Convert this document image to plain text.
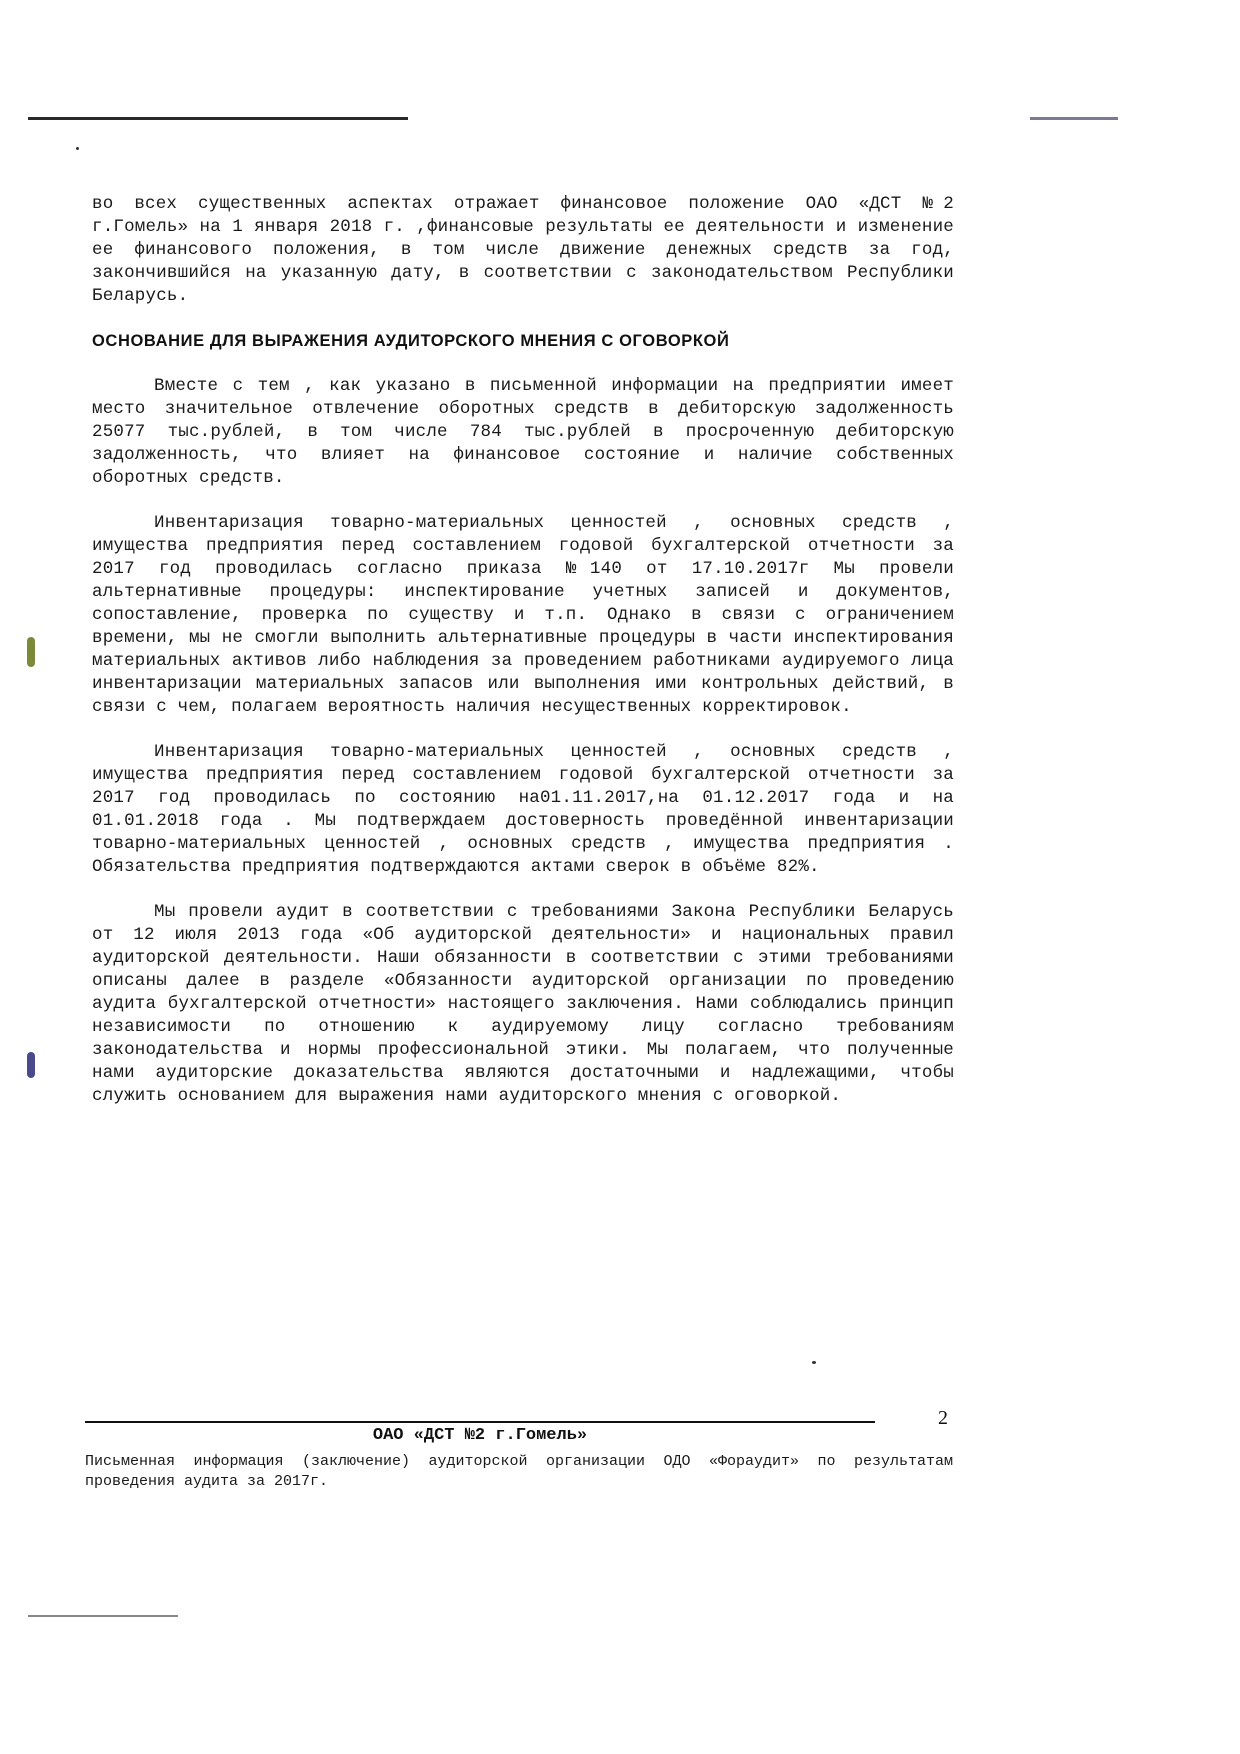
во всех существенных аспектах отражает финансовое положение ОАО «ДСТ №2 г.Гомель» на 1 января 2018 г. ,финансовые результаты ее деятельности и изменение ее финансового положения, в том числе движение денежных средств за год, закончившийся на указанную дату, в соответствии с законодательством Республики Беларусь.

ОСНОВАНИЕ ДЛЯ ВЫРАЖЕНИЯ АУДИТОРСКОГО МНЕНИЯ С ОГОВОРКОЙ

Вместе с тем , как указано в письменной информации на предприятии имеет место значительное отвлечение оборотных средств в дебиторскую задолженность 25077 тыс.рублей, в том числе 784 тыс.рублей в просроченную дебиторскую задолженность, что влияет на финансовое состояние и наличие собственных оборотных средств.

Инвентаризация товарно-материальных ценностей , основных средств , имущества предприятия перед составлением годовой бухгалтерской отчетности за 2017 год проводилась согласно приказа №140 от 17.10.2017г Мы провели альтернативные процедуры: инспектирование учетных записей и документов, сопоставление, проверка по существу и т.п. Однако в связи с ограничением времени, мы не смогли выполнить альтернативные процедуры в части инспектирования материальных активов либо наблюдения за проведением работниками аудируемого лица инвентаризации материальных запасов или выполнения ими контрольных действий, в связи с чем, полагаем вероятность наличия несущественных корректировок.

Инвентаризация товарно-материальных ценностей , основных средств , имущества предприятия перед составлением годовой бухгалтерской отчетности за 2017 год проводилась по состоянию на01.11.2017,на 01.12.2017 года и на 01.01.2018 года . Мы подтверждаем достоверность проведённой инвентаризации товарно-материальных ценностей , основных средств , имущества предприятия . Обязательства предприятия подтверждаются актами сверок в объёме 82%.

Мы провели аудит в соответствии с требованиями Закона Республики Беларусь от 12 июля 2013 года «Об аудиторской деятельности» и национальных правил аудиторской деятельности. Наши обязанности в соответствии с этими требованиями описаны далее в разделе «Обязанности аудиторской организации по проведению аудита бухгалтерской отчетности» настоящего заключения. Нами соблюдались принцип независимости по отношению к аудируемому лицу согласно требованиям законодательства и нормы профессиональной этики. Мы полагаем, что полученные нами аудиторские доказательства являются достаточными и надлежащими, чтобы служить основанием для выражения нами аудиторского мнения с оговоркой.

2
ОАО «ДСТ №2 г.Гомель»
Письменная информация (заключение) аудиторской организации ОДО «Фораудит» по результатам проведения аудита за 2017г.
